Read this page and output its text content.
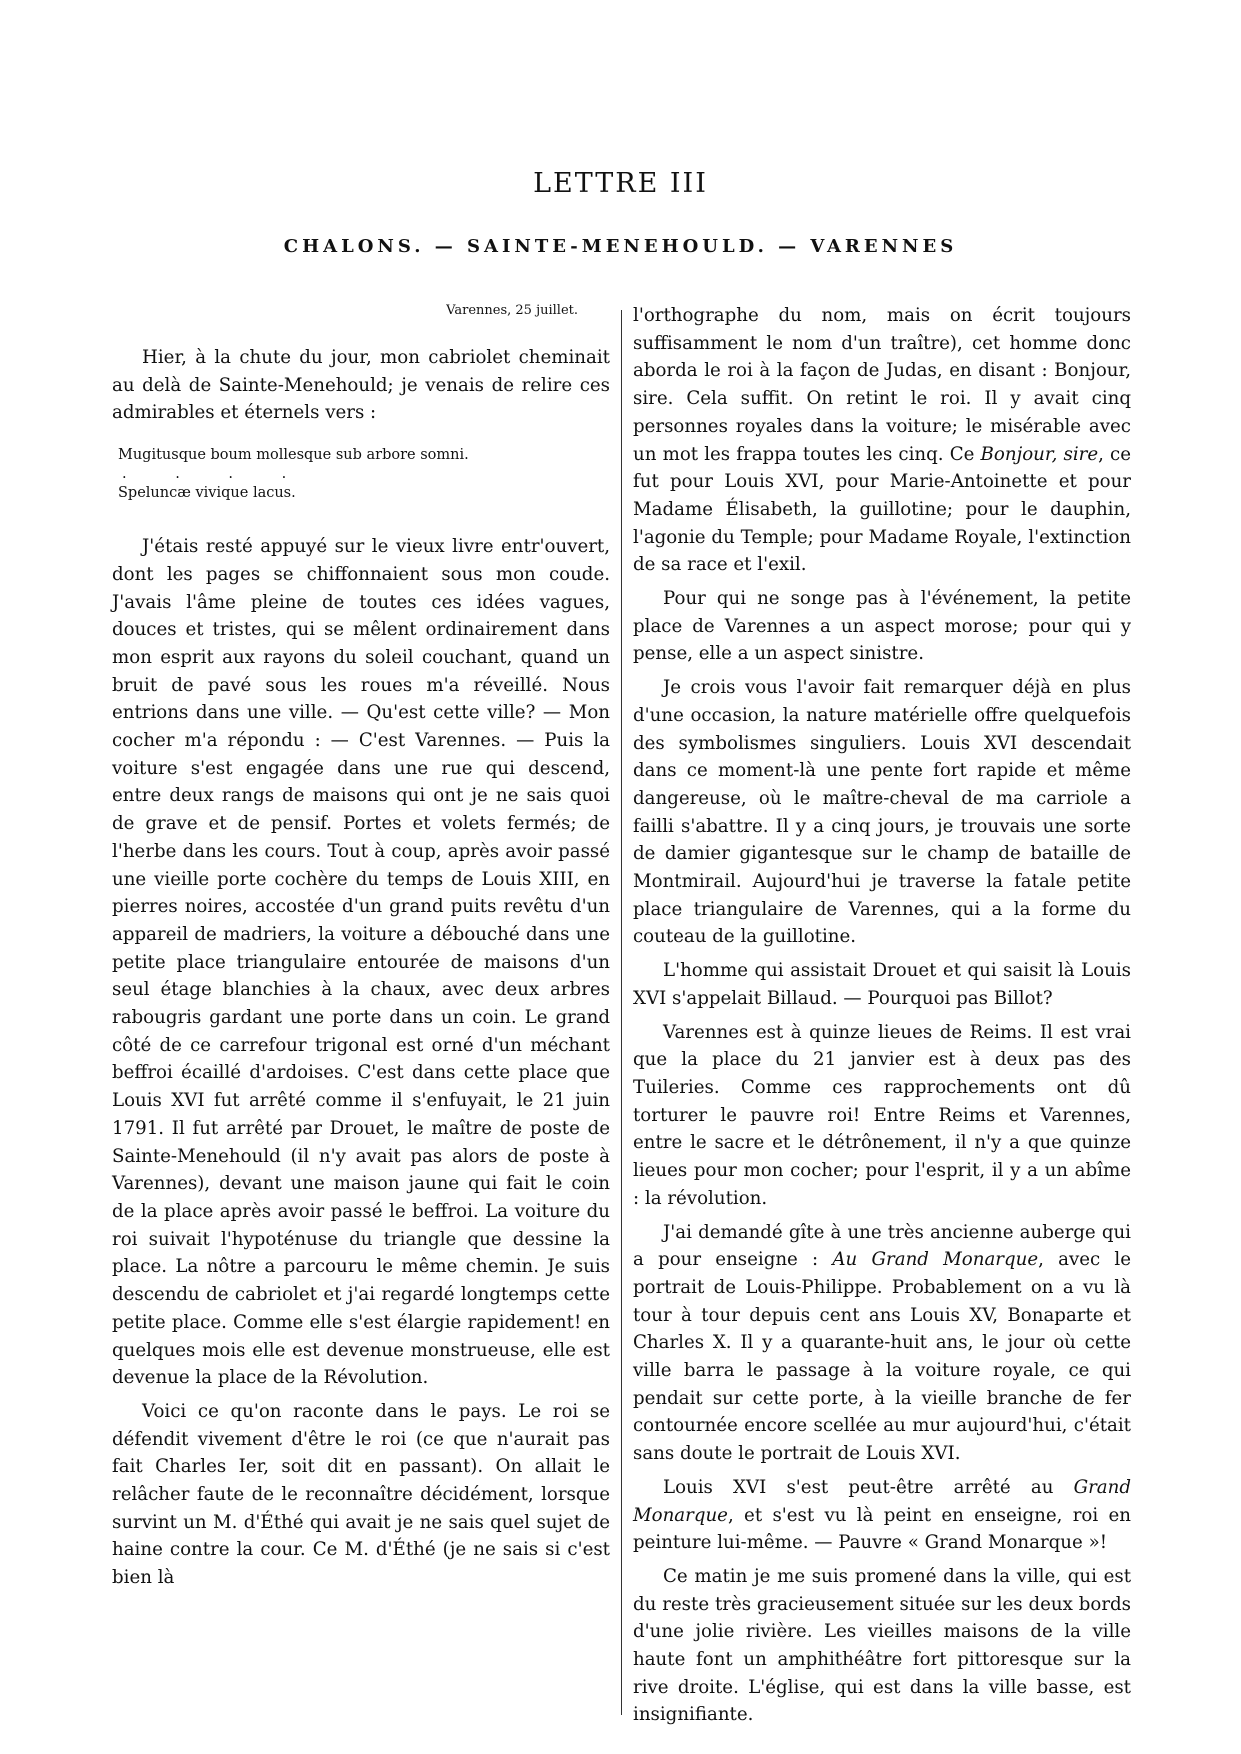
LETTRE III
CHALONS. — SAINTE-MENEHOULD. — VARENNES
Varennes, 25 juillet.

Hier, à la chute du jour, mon cabriolet cheminait au delà de Sainte-Menehould; je venais de relire ces admirables et éternels vers :

Mugitusque boum mollesque sub arbore somni.
. . . .
Speluncæ vivique lacus.

J'étais resté appuyé sur le vieux livre entr'ouvert, dont les pages se chiffonnaient sous mon coude. J'avais l'âme pleine de toutes ces idées vagues, douces et tristes, qui se mêlent ordinairement dans mon esprit aux rayons du soleil couchant, quand un bruit de pavé sous les roues m'a réveillé. Nous entrions dans une ville. — Qu'est cette ville? — Mon cocher m'a répondu : — C'est Varennes. — Puis la voiture s'est engagée dans une rue qui descend, entre deux rangs de maisons qui ont je ne sais quoi de grave et de pensif. Portes et volets fermés; de l'herbe dans les cours. Tout à coup, après avoir passé une vieille porte cochère du temps de Louis XIII, en pierres noires, accostée d'un grand puits revêtu d'un appareil de madriers, la voiture a débouché dans une petite place triangulaire entourée de maisons d'un seul étage blanchies à la chaux, avec deux arbres rabougris gardant une porte dans un coin. Le grand côté de ce carrefour trigonal est orné d'un méchant beffroi écaillé d'ardoises. C'est dans cette place que Louis XVI fut arrêté comme il s'enfuyait, le 21 juin 1791. Il fut arrêté par Drouet, le maître de poste de Sainte-Menehould (il n'y avait pas alors de poste à Varennes), devant une maison jaune qui fait le coin de la place après avoir passé le beffroi. La voiture du roi suivait l'hypoténuse du triangle que dessine la place. La nôtre a parcouru le même chemin. Je suis descendu de cabriolet et j'ai regardé longtemps cette petite place. Comme elle s'est élargie rapidement! en quelques mois elle est devenue monstrueuse, elle est devenue la place de la Révolution.

Voici ce qu'on raconte dans le pays. Le roi se défendit vivement d'être le roi (ce que n'aurait pas fait Charles Ier, soit dit en passant). On allait le relâcher faute de le reconnaître décidément, lorsque survint un M. d'Éthé qui avait je ne sais quel sujet de haine contre la cour. Ce M. d'Éthé (je ne sais si c'est bien là

l'orthographe du nom, mais on écrit toujours suffisamment le nom d'un traître), cet homme donc aborda le roi à la façon de Judas, en disant : Bonjour, sire. Cela suffit. On retint le roi. Il y avait cinq personnes royales dans la voiture; le misérable avec un mot les frappa toutes les cinq. Ce Bonjour, sire, ce fut pour Louis XVI, pour Marie-Antoinette et pour Madame Élisabeth, la guillotine; pour le dauphin, l'agonie du Temple; pour Madame Royale, l'extinction de sa race et l'exil.

Pour qui ne songe pas à l'événement, la petite place de Varennes a un aspect morose; pour qui y pense, elle a un aspect sinistre.

Je crois vous l'avoir fait remarquer déjà en plus d'une occasion, la nature matérielle offre quelquefois des symbolismes singuliers. Louis XVI descendait dans ce moment-là une pente fort rapide et même dangereuse, où le maître-cheval de ma carriole a failli s'abattre. Il y a cinq jours, je trouvais une sorte de damier gigantesque sur le champ de bataille de Montmirail. Aujourd'hui je traverse la fatale petite place triangulaire de Varennes, qui a la forme du couteau de la guillotine.

L'homme qui assistait Drouet et qui saisit là Louis XVI s'appelait Billaud. — Pourquoi pas Billot?

Varennes est à quinze lieues de Reims. Il est vrai que la place du 21 janvier est à deux pas des Tuileries. Comme ces rapprochements ont dû torturer le pauvre roi! Entre Reims et Varennes, entre le sacre et le détrônement, il n'y a que quinze lieues pour mon cocher; pour l'esprit, il y a un abîme : la révolution.

J'ai demandé gîte à une très ancienne auberge qui a pour enseigne : Au Grand Monarque, avec le portrait de Louis-Philippe. Probablement on a vu là tour à tour depuis cent ans Louis XV, Bonaparte et Charles X. Il y a quarante-huit ans, le jour où cette ville barra le passage à la voiture royale, ce qui pendait sur cette porte, à la vieille branche de fer contournée encore scellée au mur aujourd'hui, c'était sans doute le portrait de Louis XVI.

Louis XVI s'est peut-être arrêté au Grand Monarque, et s'est vu là peint en enseigne, roi en peinture lui-même. — Pauvre « Grand Monarque »!

Ce matin je me suis promené dans la ville, qui est du reste très gracieusement située sur les deux bords d'une jolie rivière. Les vieilles maisons de la ville haute font un amphithéâtre fort pittoresque sur la rive droite. L'église, qui est dans la ville basse, est insignifiante.
